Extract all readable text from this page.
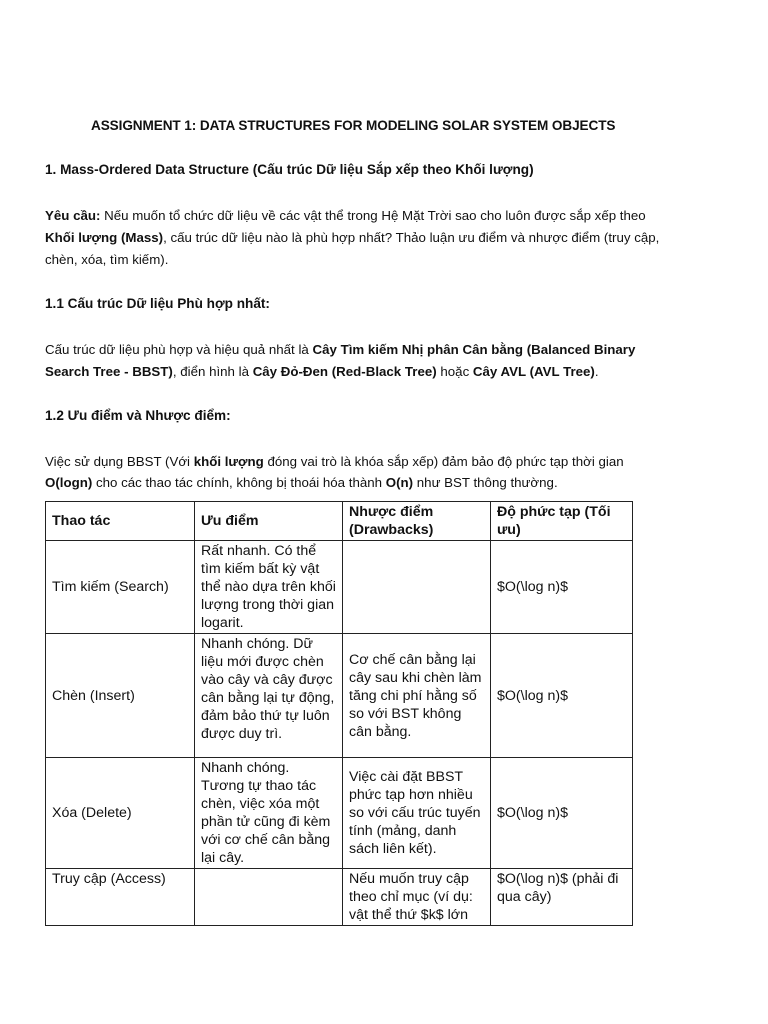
ASSIGNMENT 1: DATA STRUCTURES FOR MODELING SOLAR SYSTEM OBJECTS
1. Mass-Ordered Data Structure (Cấu trúc Dữ liệu Sắp xếp theo Khối lượng)
Yêu cầu: Nếu muốn tổ chức dữ liệu về các vật thể trong Hệ Mặt Trời sao cho luôn được sắp xếp theo
Khối lượng (Mass), cấu trúc dữ liệu nào là phù hợp nhất? Thảo luận ưu điểm và nhược điểm (truy cập,
chèn, xóa, tìm kiếm).
1.1 Cấu trúc Dữ liệu Phù hợp nhất:
Cấu trúc dữ liệu phù hợp và hiệu quả nhất là Cây Tìm kiếm Nhị phân Cân bằng (Balanced Binary
Search Tree - BBST), điển hình là Cây Đỏ-Đen (Red-Black Tree) hoặc Cây AVL (AVL Tree).
1.2 Ưu điểm và Nhược điểm:
Việc sử dụng BBST (Với khối lượng đóng vai trò là khóa sắp xếp) đảm bảo độ phức tạp thời gian
O(logn) cho các thao tác chính, không bị thoái hóa thành O(n) như BST thông thường.
Thao tác	Ưu điểm	Nhược điểm (Drawbacks)	Độ phức tạp (Tối ưu)
Tìm kiếm (Search)	Rất nhanh. Có thể tìm kiếm bất kỳ vật thể nào dựa trên khối lượng trong thời gian logarit.		$O(\log n)$
Chèn (Insert)	Nhanh chóng. Dữ liệu mới được chèn vào cây và cây được cân bằng lại tự động, đảm bảo thứ tự luôn được duy trì.	Cơ chế cân bằng lại cây sau khi chèn làm tăng chi phí hằng số so với BST không cân bằng.	$O(\log n)$
Xóa (Delete)	Nhanh chóng. Tương tự thao tác chèn, việc xóa một phần tử cũng đi kèm với cơ chế cân bằng lại cây.	Việc cài đặt BBST phức tạp hơn nhiều so với cấu trúc tuyến tính (mảng, danh sách liên kết).	$O(\log n)$
Truy cập (Access)		Nếu muốn truy cập theo chỉ mục (ví dụ: vật thể thứ $k$ lớn	$O(\log n)$ (phải đi qua cây)
